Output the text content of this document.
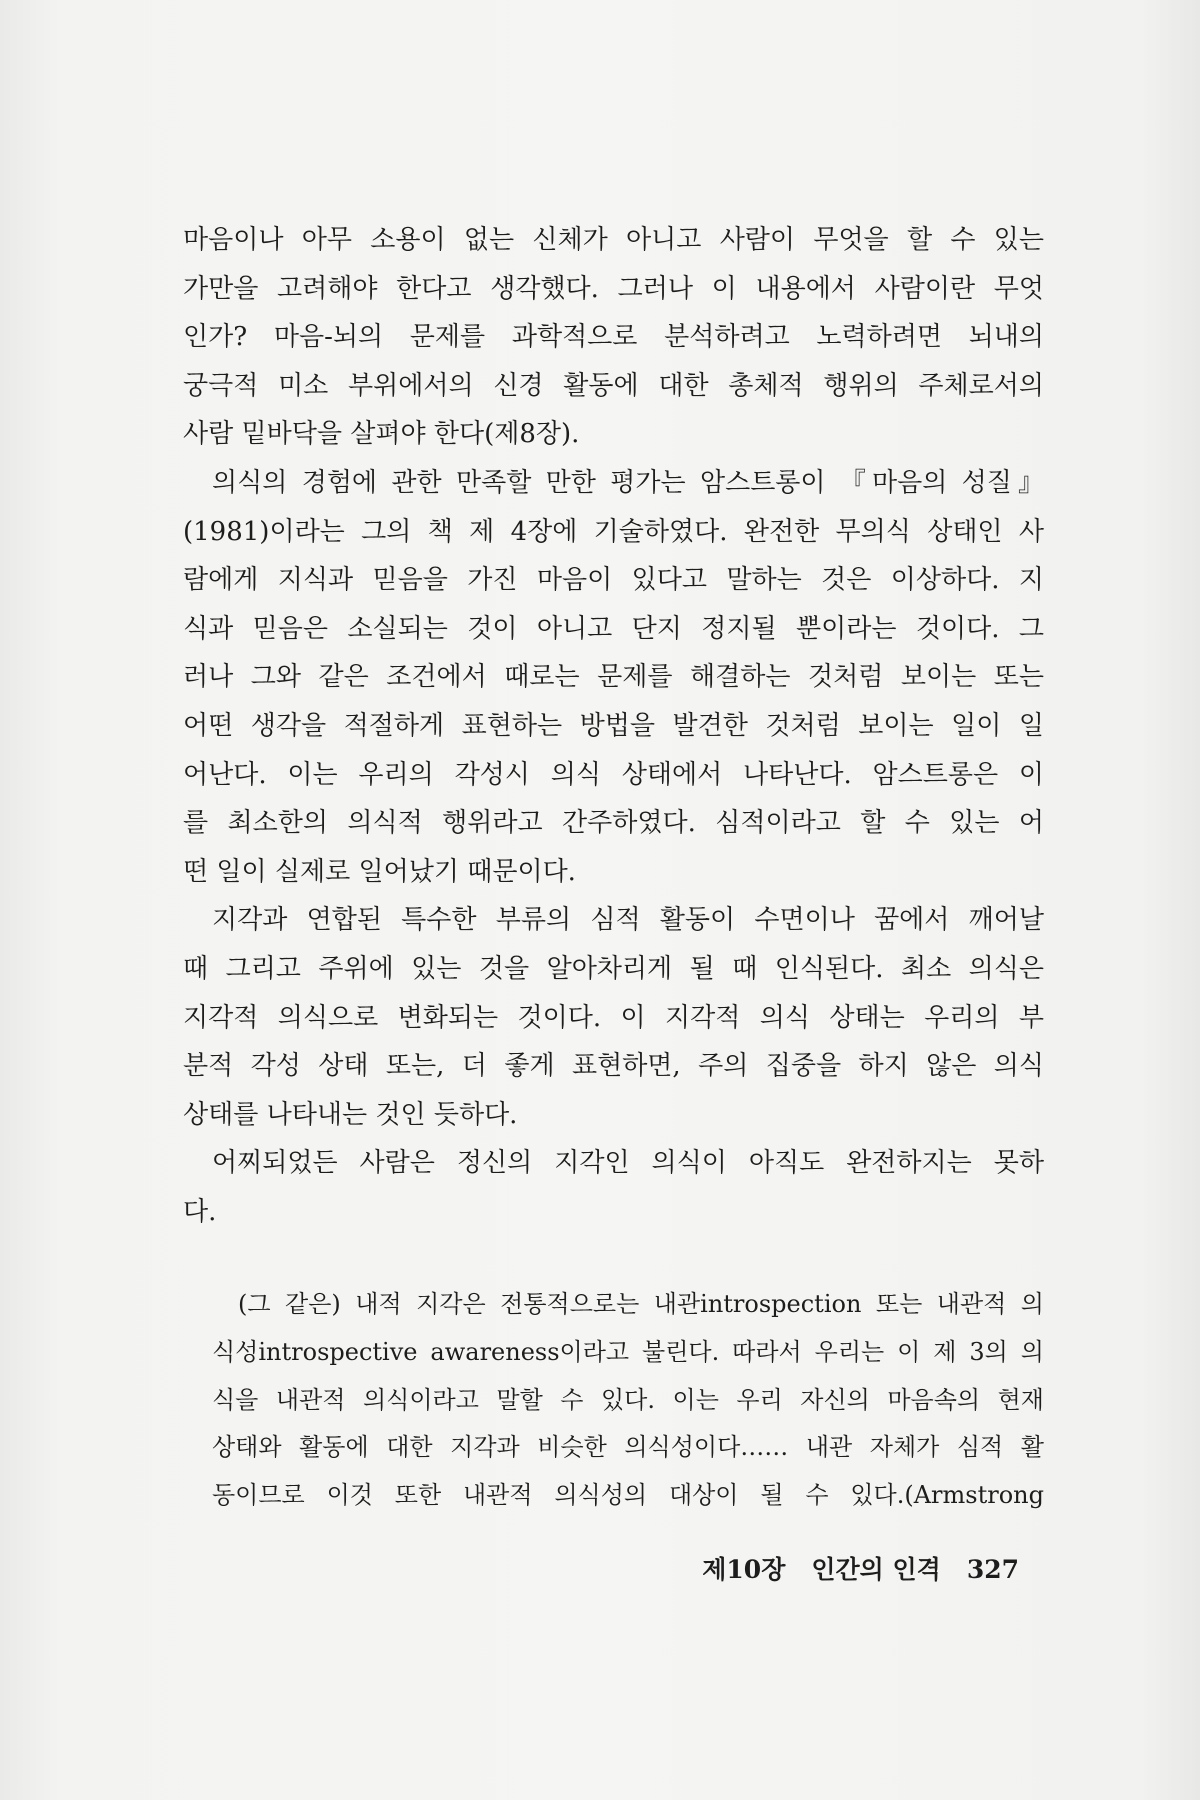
마음이나 아무 소용이 없는 신체가 아니고 사람이 무엇을 할 수 있는
가만을 고려해야 한다고 생각했다. 그러나 이 내용에서 사람이란 무엇
인가? 마음-뇌의 문제를 과학적으로 분석하려고 노력하려면 뇌내의
궁극적 미소 부위에서의 신경 활동에 대한 총체적 행위의 주체로서의
사람 밑바닥을 살펴야 한다(제8장).
의식의 경험에 관한 만족할 만한 평가는 암스트롱이 『마음의 성질』
(1981)이라는 그의 책 제 4장에 기술하였다. 완전한 무의식 상태인 사
람에게 지식과 믿음을 가진 마음이 있다고 말하는 것은 이상하다. 지
식과 믿음은 소실되는 것이 아니고 단지 정지될 뿐이라는 것이다. 그
러나 그와 같은 조건에서 때로는 문제를 해결하는 것처럼 보이는 또는
어떤 생각을 적절하게 표현하는 방법을 발견한 것처럼 보이는 일이 일
어난다. 이는 우리의 각성시 의식 상태에서 나타난다. 암스트롱은 이
를 최소한의 의식적 행위라고 간주하였다. 심적이라고 할 수 있는 어
떤 일이 실제로 일어났기 때문이다.
지각과 연합된 특수한 부류의 심적 활동이 수면이나 꿈에서 깨어날
때 그리고 주위에 있는 것을 알아차리게 될 때 인식된다. 최소 의식은
지각적 의식으로 변화되는 것이다. 이 지각적 의식 상태는 우리의 부
분적 각성 상태 또는, 더 좋게 표현하면, 주의 집중을 하지 않은 의식
상태를 나타내는 것인 듯하다.
어찌되었든 사람은 정신의 지각인 의식이 아직도 완전하지는 못하
다.
(그 같은) 내적 지각은 전통적으로는 내관introspection 또는 내관적 의
식성introspective awareness이라고 불린다. 따라서 우리는 이 제 3의 의
식을 내관적 의식이라고 말할 수 있다. 이는 우리 자신의 마음속의 현재
상태와 활동에 대한 지각과 비슷한 의식성이다…… 내관 자체가 심적 활
동이므로 이것 또한 내관적 의식성의 대상이 될 수 있다.(Armstrong
제10장 인간의 인격 327
